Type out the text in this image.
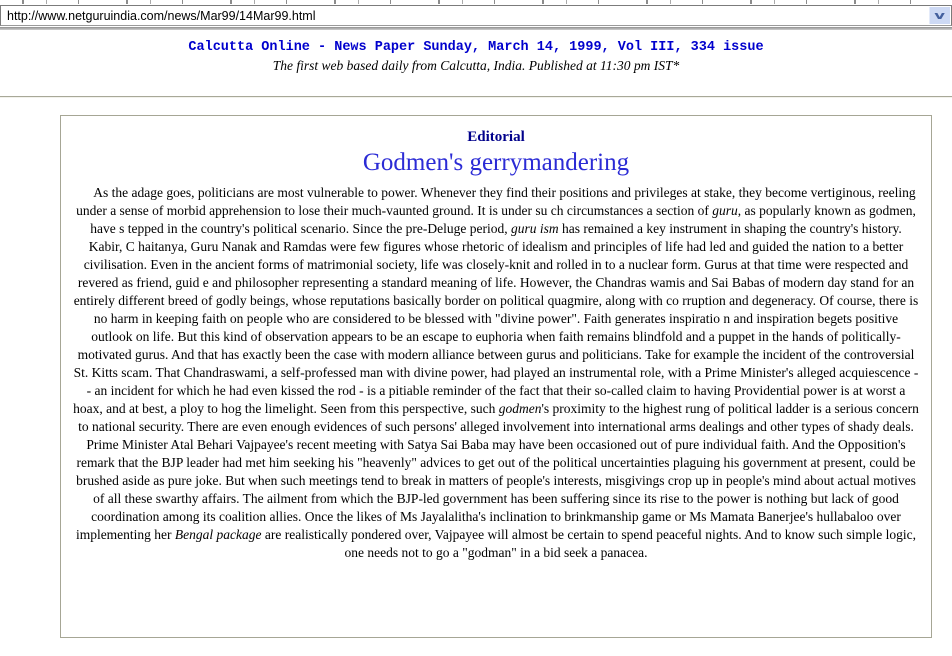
http://www.netguruindia.com/news/Mar99/14Mar99.html	v
Calcutta Online - News Paper Sunday, March 14, 1999, Vol III, 334 issue
The first web based daily from Calcutta, India. Published at 11:30 pm IST*
Editorial
Godmen's gerrymandering
As the adage goes, politicians are most vulnerable to power. Whenever they find their positions and privileges at stake, they become vertiginous, reeling under a sense of morbid apprehension to lose their much-vaunted ground. It is under su ch circumstances a section of guru, as popularly known as godmen, have s tepped in the country's political scenario. Since the pre-Deluge period, guru ism has remained a key instrument in shaping the country's history. Kabir, C haitanya, Guru Nanak and Ramdas were few figures whose rhetoric of idealism and principles of life had led and guided the nation to a better civilisation. Even in the ancient forms of matrimonial society, life was closely-knit and rolled in to a nuclear form. Gurus at that time were respected and revered as friend, guid e and philosopher representing a standard meaning of life. However, the Chandras wamis and Sai Babas of modern day stand for an entirely different breed of godly beings, whose reputations basically border on political quagmire, along with co rruption and degeneracy. Of course, there is no harm in keeping faith on people who are considered to be blessed with "divine power". Faith generates inspiratio n and inspiration begets positive outlook on life. But this kind of observation appears to be an escape to euphoria when faith remains blindfold and a puppet in the hands of politically-motivated gurus. And that has exactly been the case with modern alliance between gurus and politicians. Take for example the incident of the controversial St. Kitts scam. That Chandraswami, a self-professed man with divine power, had played an instrumental role, with a Prime Minister's alleged acquiescence -- an incident for which he had even kissed the rod - is a pitiable reminder of the fact that their so-called claim to having Providential power is at worst a hoax, and at best, a ploy to hog the limelight. Seen from this perspective, such godmen's proximity to the highest rung of political ladder is a serious concern to national security. There are even enough evidences of such persons' alleged involvement into international arms dealings and other types of shady deals. Prime Minister Atal Behari Vajpayee's recent meeting with Satya Sai Baba may have been occasioned out of pure individual faith. And the Opposition's remark that the BJP leader had met him seeking his "heavenly" advices to get out of the political uncertainties plaguing his government at present, could be brushed aside as pure joke. But when such meetings tend to break in matters of people's interests, misgivings crop up in people's mind about actual motives of all these swarthy affairs. The ailment from which the BJP-led government has been suffering since its rise to the power is nothing but lack of good coordination among its coalition allies. Once the likes of Ms Jayalalitha's inclination to brinkmanship game or Ms Mamata Banerjee's hullabaloo over implementing her Bengal package are realistically pondered over, Vajpayee will almost be certain to spend peaceful nights. And to know such simple logic, one needs not to go a "godman" in a bid seek a panacea.
